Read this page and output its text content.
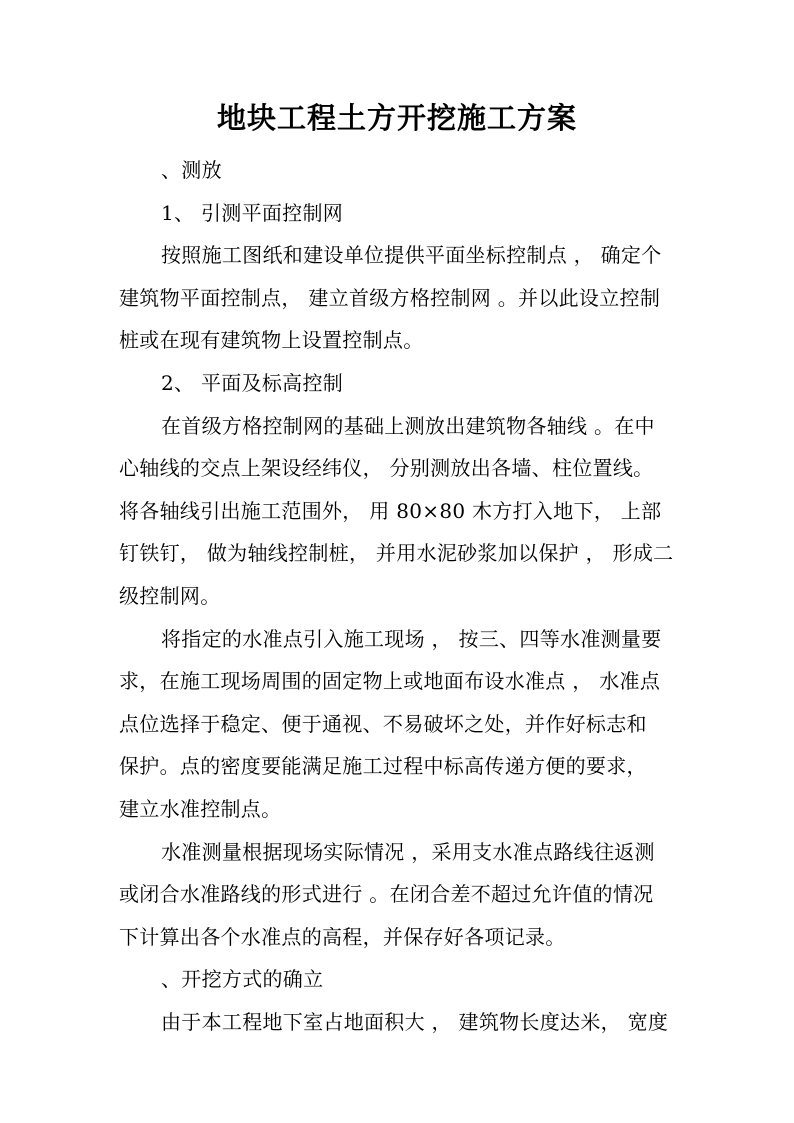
地块工程土方开挖施工方案
、测放
1、 引测平面控制网
按照施工图纸和建设单位提供平面坐标控制点 ， 确定个
建筑物平面控制点， 建立首级方格控制网 。并以此设立控制
桩或在现有建筑物上设置控制点。
2、 平面及标高控制
在首级方格控制网的基础上测放出建筑物各轴线 。在中
心轴线的交点上架设经纬仪， 分别测放出各墙、柱位置线。
将各轴线引出施工范围外， 用 80×80 木方打入地下， 上部
钉铁钉， 做为轴线控制桩， 并用水泥砂浆加以保护 ， 形成二
级控制网。
将指定的水准点引入施工现场 ， 按三、四等水准测量要
求，在施工现场周围的固定物上或地面布设水准点 ， 水准点
点位选择于稳定、便于通视、不易破坏之处，并作好标志和
保护。点的密度要能满足施工过程中标高传递方便的要求，
建立水准控制点。
水准测量根据现场实际情况 ，采用支水准点路线往返测
或闭合水准路线的形式进行 。在闭合差不超过允许值的情况
下计算出各个水准点的高程，并保存好各项记录。
、开挖方式的确立
由于本工程地下室占地面积大 ， 建筑物长度达米， 宽度
